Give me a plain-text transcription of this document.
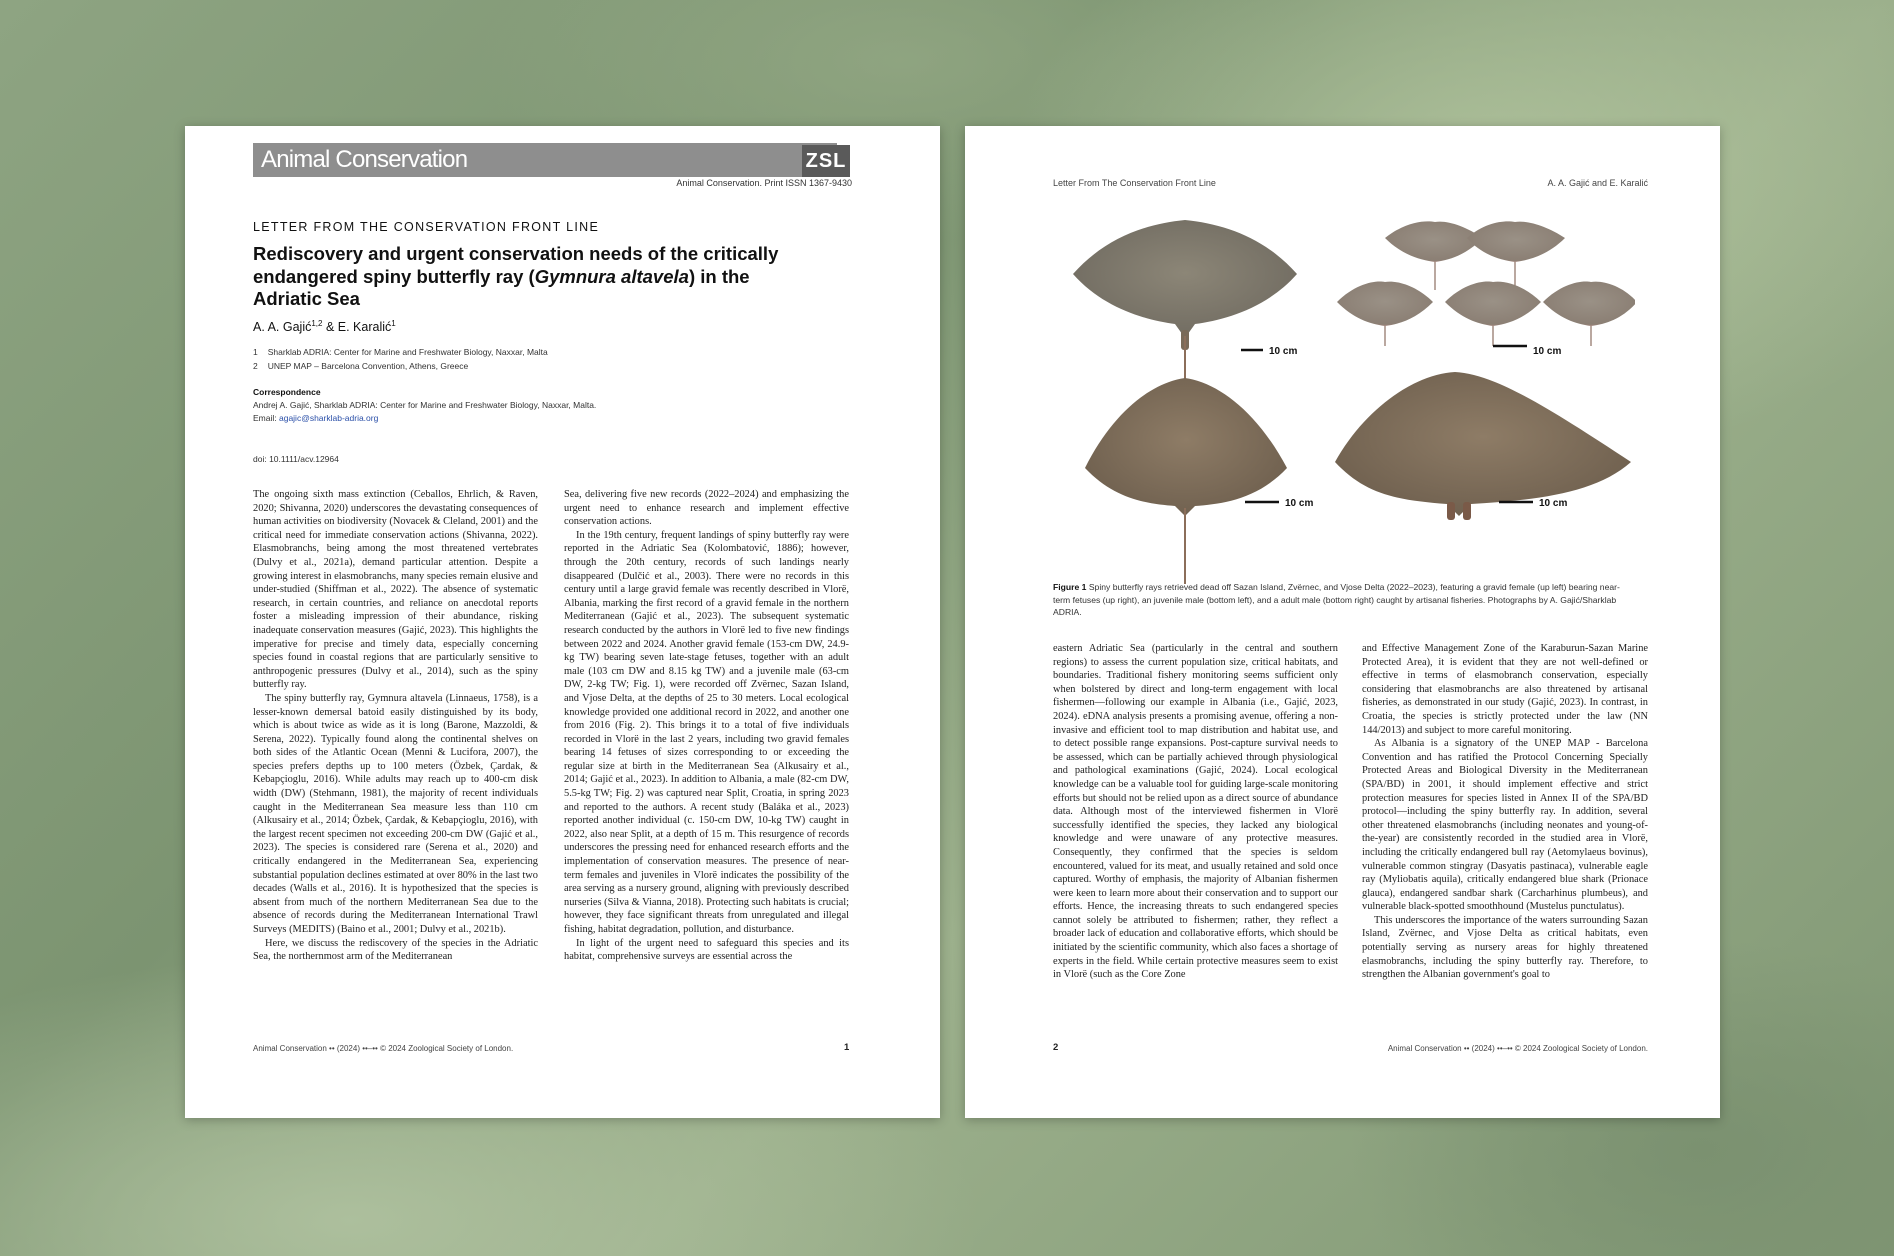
Animal Conservation	ZSL
Animal Conservation. Print ISSN 1367-9430
LETTER FROM THE CONSERVATION FRONT LINE
Rediscovery and urgent conservation needs of the critically endangered spiny butterfly ray (Gymnura altavela) in the Adriatic Sea
A. A. Gajić$^{1,2}$ & E. Karalić$^1$
1 Sharklab ADRIA: Center for Marine and Freshwater Biology, Naxxar, Malta
2 UNEP MAP – Barcelona Convention, Athens, Greece
Correspondence
Andrej A. Gajić, Sharklab ADRIA: Center for Marine and Freshwater Biology, Naxxar, Malta.
Email: agajic@sharklab-adria.org
doi: 10.1111/acv.12964

The ongoing sixth mass extinction (Ceballos, Ehrlich, & Raven, 2020; Shivanna, 2020) underscores the devastating consequences of human activities on biodiversity (Novacek & Cleland, 2001) and the critical need for immediate conservation actions (Shivanna, 2022). Elasmobranchs, being among the most threatened vertebrates (Dulvy et al., 2021a), demand particular attention. Despite a growing interest in elasmobranchs, many species remain elusive and under-studied (Shiffman et al., 2022). The absence of systematic research, in certain countries, and reliance on anecdotal reports foster a misleading impression of their abundance, risking inadequate conservation measures (Gajić, 2023). This highlights the imperative for precise and timely data, especially concerning species found in coastal regions that are particularly sensitive to anthropogenic pressures (Dulvy et al., 2014), such as the spiny butterfly ray.

The spiny butterfly ray, Gymnura altavela (Linnaeus, 1758), is a lesser-known demersal batoid easily distinguished by its body, which is about twice as wide as it is long (Barone, Mazzoldi, & Serena, 2022). Typically found along the continental shelves on both sides of the Atlantic Ocean (Menni & Lucifora, 2007), the species prefers depths up to 100 meters (Özbek, Çardak, & Kebapçioglu, 2016). While adults may reach up to 400-cm disk width (DW) (Stehmann, 1981), the majority of recent individuals caught in the Mediterranean Sea measure less than 110 cm (Alkusairy et al., 2014; Özbek, Çardak, & Kebapçioglu, 2016), with the largest recent specimen not exceeding 200-cm DW (Gajić et al., 2023). The species is considered rare (Serena et al., 2020) and critically endangered in the Mediterranean Sea, experiencing substantial population declines estimated at over 80% in the last two decades (Walls et al., 2016). It is hypothesized that the species is absent from much of the northern Mediterranean Sea due to the absence of records during the Mediterranean International Trawl Surveys (MEDITS) (Baino et al., 2001; Dulvy et al., 2021b).

Here, we discuss the rediscovery of the species in the Adriatic Sea, the northernmost arm of the Mediterranean

Sea, delivering five new records (2022–2024) and emphasizing the urgent need to enhance research and implement effective conservation actions.

In the 19th century, frequent landings of spiny butterfly ray were reported in the Adriatic Sea (Kolombatović, 1886); however, through the 20th century, records of such landings nearly disappeared (Dulčić et al., 2003). There were no records in this century until a large gravid female was recently described in Vlorë, Albania, marking the first record of a gravid female in the northern Mediterranean (Gajić et al., 2023). The subsequent systematic research conducted by the authors in Vlorë led to five new findings between 2022 and 2024. Another gravid female (153-cm DW, 24.9-kg TW) bearing seven late-stage fetuses, together with an adult male (103 cm DW and 8.15 kg TW) and a juvenile male (63-cm DW, 2-kg TW; Fig. 1), were recorded off Zvërnec, Sazan Island, and Vjose Delta, at the depths of 25 to 30 meters. Local ecological knowledge provided one additional record in 2022, and another one from 2016 (Fig. 2). This brings it to a total of five individuals recorded in Vlorë in the last 2 years, including two gravid females bearing 14 fetuses of sizes corresponding to or exceeding the regular size at birth in the Mediterranean Sea (Alkusairy et al., 2014; Gajić et al., 2023). In addition to Albania, a male (82-cm DW, 5.5-kg TW; Fig. 2) was captured near Split, Croatia, in spring 2023 and reported to the authors. A recent study (Baláka et al., 2023) reported another individual (c. 150-cm DW, 10-kg TW) caught in 2022, also near Split, at a depth of 15 m. This resurgence of records underscores the pressing need for enhanced research efforts and the implementation of conservation measures. The presence of near-term females and juveniles in Vlorë indicates the possibility of the area serving as a nursery ground, aligning with previously described nurseries (Silva & Vianna, 2018). Protecting such habitats is crucial; however, they face significant threats from unregulated and illegal fishing, habitat degradation, pollution, and disturbance.

In light of the urgent need to safeguard this species and its habitat, comprehensive surveys are essential across the

Animal Conservation •• (2024) ••–•• © 2024 Zoological Society of London.	1
Letter From The Conservation Front Line	A. A. Gajić and E. Karalić
10 cm	10 cm
10 cm	10 cm
Figure 1 Spiny butterfly rays retrieved dead off Sazan Island, Zvërnec, and Vjose Delta (2022–2023), featuring a gravid female (up left) bearing near-term fetuses (up right), an juvenile male (bottom left), and a adult male (bottom right) caught by artisanal fisheries. Photographs by A. Gajić/Sharklab ADRIA.

eastern Adriatic Sea (particularly in the central and southern regions) to assess the current population size, critical habitats, and boundaries. Traditional fishery monitoring seems sufficient only when bolstered by direct and long-term engagement with local fishermen—following our example in Albania (i.e., Gajić, 2023, 2024). eDNA analysis presents a promising avenue, offering a non-invasive and efficient tool to map distribution and habitat use, and to detect possible range expansions. Post-capture survival needs to be assessed, which can be partially achieved through physiological and pathological examinations (Gajić, 2024). Local ecological knowledge can be a valuable tool for guiding large-scale monitoring efforts but should not be relied upon as a direct source of abundance data. Although most of the interviewed fishermen in Vlorë successfully identified the species, they lacked any biological knowledge and were unaware of any protective measures. Consequently, they confirmed that the species is seldom encountered, valued for its meat, and usually retained and sold once captured. Worthy of emphasis, the majority of Albanian fishermen were keen to learn more about their conservation and to support our efforts. Hence, the increasing threats to such endangered species cannot solely be attributed to fishermen; rather, they reflect a broader lack of education and collaborative efforts, which should be initiated by the scientific community, which also faces a shortage of experts in the field. While certain protective measures seem to exist in Vlorë (such as the Core Zone

and Effective Management Zone of the Karaburun-Sazan Marine Protected Area), it is evident that they are not well-defined or effective in terms of elasmobranch conservation, especially considering that elasmobranchs are also threatened by artisanal fisheries, as demonstrated in our study (Gajić, 2023). In contrast, in Croatia, the species is strictly protected under the law (NN 144/2013) and subject to more careful monitoring.

As Albania is a signatory of the UNEP MAP - Barcelona Convention and has ratified the Protocol Concerning Specially Protected Areas and Biological Diversity in the Mediterranean (SPA/BD) in 2001, it should implement effective and strict protection measures for species listed in Annex II of the SPA/BD protocol—including the spiny butterfly ray. In addition, several other threatened elasmobranchs (including neonates and young-of-the-year) are consistently recorded in the studied area in Vlorë, including the critically endangered bull ray (Aetomylaeus bovinus), vulnerable common stingray (Dasyatis pastinaca), vulnerable eagle ray (Myliobatis aquila), critically endangered blue shark (Prionace glauca), endangered sandbar shark (Carcharhinus plumbeus), and vulnerable black-spotted smoothhound (Mustelus punctulatus).

This underscores the importance of the waters surrounding Sazan Island, Zvërnec, and Vjose Delta as critical habitats, even potentially serving as nursery areas for highly threatened elasmobranchs, including the spiny butterfly ray. Therefore, to strengthen the Albanian government's goal to

2	Animal Conservation •• (2024) ••–•• © 2024 Zoological Society of London.
